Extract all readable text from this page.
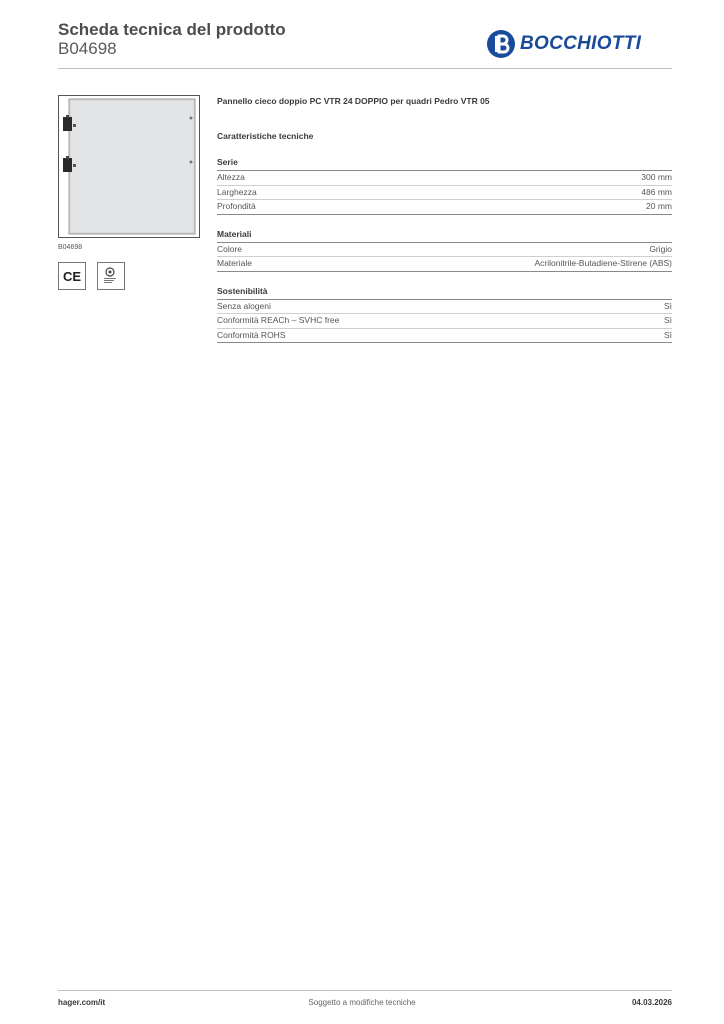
Scheda tecnica del prodotto
B04698	BOCCHIOTTI
B04698
CE
Pannello cieco doppio PC VTR 24 DOPPIO per quadri Pedro VTR 05
Caratteristiche tecniche
Serie
Altezza	300 mm
Larghezza	486 mm
Profondità	20 mm
Materiali
Colore	Grigio
Materiale	Acrilonitrile-Butadiene-Stirene (ABS)
Sostenibilità
Senza alogeni	Sì
Conformità REACh – SVHC free	Sì
Conformità ROHS	Sì
hager.com/it	Soggetto a modifiche tecniche	04.03.2026
